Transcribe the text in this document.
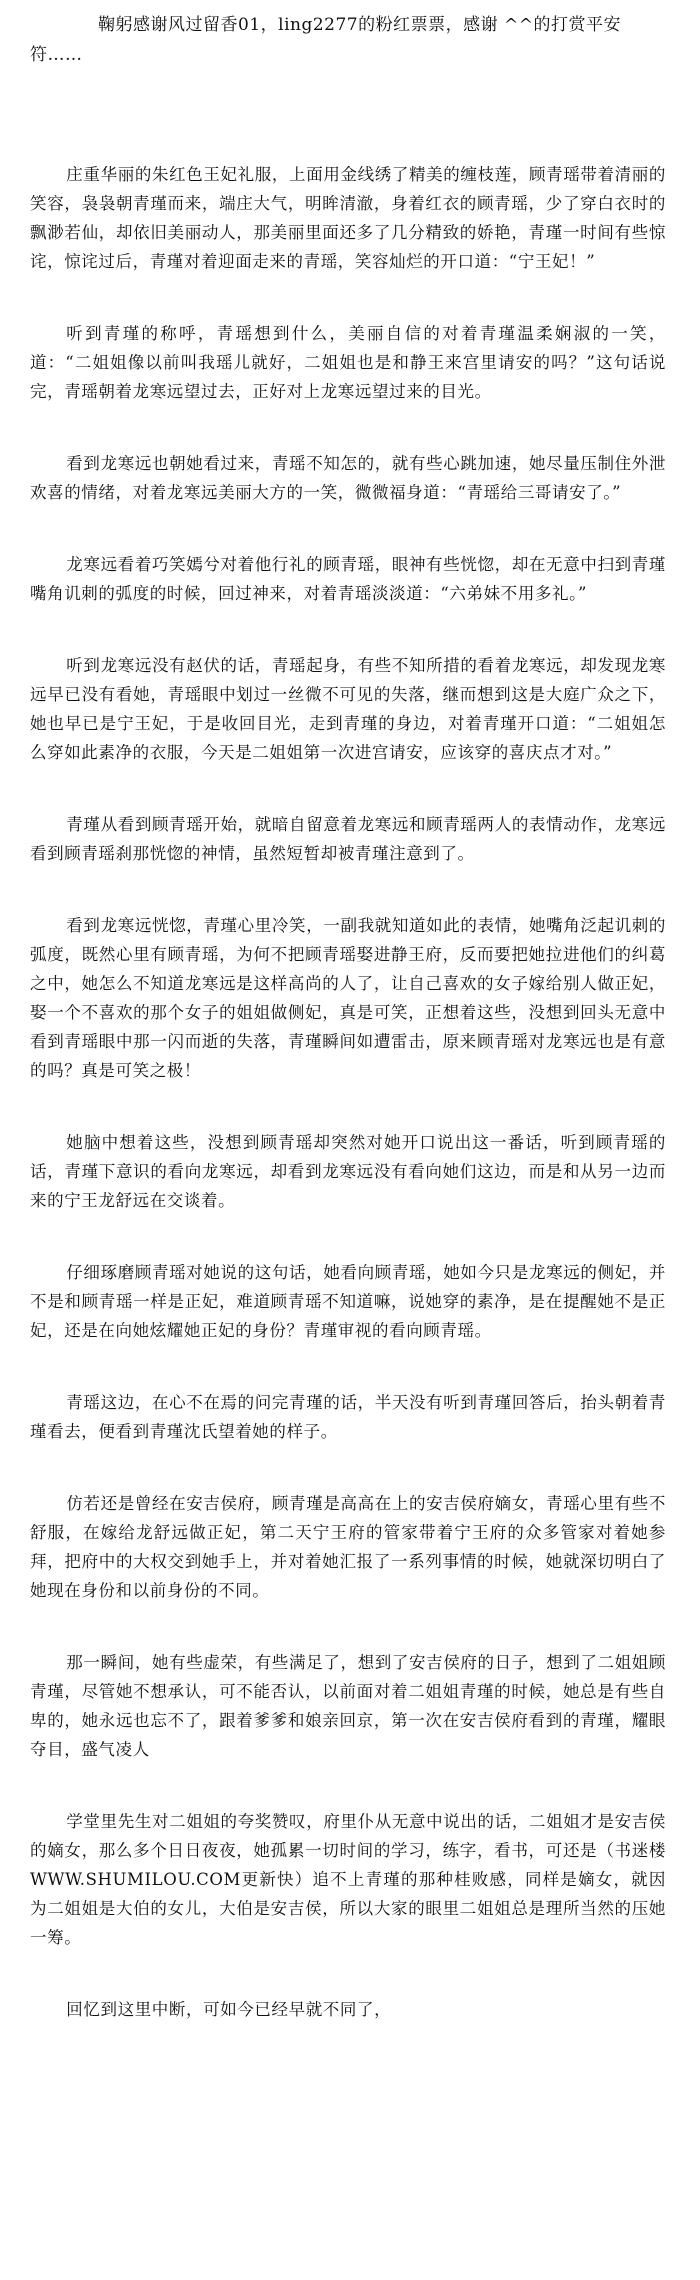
鞠躬感谢风过留香01，ling2277的粉红票票，感谢 ^^的打赏平安符……

庄重华丽的朱红色王妃礼服，上面用金线绣了精美的缠枝莲，顾青瑶带着清丽的笑容，袅袅朝青瑾而来，端庄大气，明眸清澈，身着红衣的顾青瑶，少了穿白衣时的飘渺若仙，却依旧美丽动人，那美丽里面还多了几分精致的娇艳，青瑾一时间有些惊诧，惊诧过后，青瑾对着迎面走来的青瑶，笑容灿烂的开口道：“宁王妃！”

听到青瑾的称呼，青瑶想到什么，美丽自信的对着青瑾温柔娴淑的一笑，道：“二姐姐像以前叫我瑶儿就好，二姐姐也是和静王来宫里请安的吗？”这句话说完，青瑶朝着龙寒远望过去，正好对上龙寒远望过来的目光。

看到龙寒远也朝她看过来，青瑶不知怎的，就有些心跳加速，她尽量压制住外泄欢喜的情绪，对着龙寒远美丽大方的一笑，微微福身道：“青瑶给三哥请安了。”

龙寒远看着巧笑嫣兮对着他行礼的顾青瑶，眼神有些恍惚，却在无意中扫到青瑾嘴角讥刺的弧度的时候，回过神来，对着青瑶淡淡道：“六弟妹不用多礼。”

听到龙寒远没有赵伏的话，青瑶起身，有些不知所措的看着龙寒远，却发现龙寒远早已没有看她，青瑶眼中划过一丝微不可见的失落，继而想到这是大庭广众之下，她也早已是宁王妃，于是收回目光，走到青瑾的身边，对着青瑾开口道：“二姐姐怎么穿如此素净的衣服，今天是二姐姐第一次进宫请安，应该穿的喜庆点才对。”

青瑾从看到顾青瑶开始，就暗自留意着龙寒远和顾青瑶两人的表情动作，龙寒远看到顾青瑶刹那恍惚的神情，虽然短暂却被青瑾注意到了。

看到龙寒远恍惚，青瑾心里冷笑，一副我就知道如此的表情，她嘴角泛起讥刺的弧度，既然心里有顾青瑶，为何不把顾青瑶娶进静王府，反而要把她拉进他们的纠葛之中，她怎么不知道龙寒远是这样高尚的人了，让自己喜欢的女子嫁给别人做正妃，娶一个不喜欢的那个女子的姐姐做侧妃，真是可笑，正想着这些，没想到回头无意中看到青瑶眼中那一闪而逝的失落，青瑾瞬间如遭雷击，原来顾青瑶对龙寒远也是有意的吗？真是可笑之极！

她脑中想着这些，没想到顾青瑶却突然对她开口说出这一番话，听到顾青瑶的话，青瑾下意识的看向龙寒远，却看到龙寒远没有看向她们这边，而是和从另一边而来的宁王龙舒远在交谈着。

仔细琢磨顾青瑶对她说的这句话，她看向顾青瑶，她如今只是龙寒远的侧妃，并不是和顾青瑶一样是正妃，难道顾青瑶不知道嘛，说她穿的素净，是在提醒她不是正妃，还是在向她炫耀她正妃的身份？青瑾审视的看向顾青瑶。

青瑶这边，在心不在焉的问完青瑾的话，半天没有听到青瑾回答后，抬头朝着青瑾看去，便看到青瑾沈氏望着她的样子。

仿若还是曾经在安吉侯府，顾青瑾是高高在上的安吉侯府嫡女，青瑶心里有些不舒服，在嫁给龙舒远做正妃，第二天宁王府的管家带着宁王府的众多管家对着她参拜，把府中的大权交到她手上，并对着她汇报了一系列事情的时候，她就深切明白了她现在身份和以前身份的不同。

那一瞬间，她有些虚荣，有些满足了，想到了安吉侯府的日子，想到了二姐姐顾青瑾，尽管她不想承认，可不能否认，以前面对着二姐姐青瑾的时候，她总是有些自卑的，她永远也忘不了，跟着爹爹和娘亲回京，第一次在安吉侯府看到的青瑾，耀眼夺目，盛气凌人

学堂里先生对二姐姐的夸奖赞叹，府里仆从无意中说出的话，二姐姐才是安吉侯的嫡女，那么多个日日夜夜，她孤累一切时间的学习，练字，看书，可还是（书迷楼WWW.SHUMILOU.COM更新快）追不上青瑾的那种桂败感，同样是嫡女，就因为二姐姐是大伯的女儿，大伯是安吉侯，所以大家的眼里二姐姐总是理所当然的压她一筹。

回忆到这里中断，可如今已经早就不同了，
